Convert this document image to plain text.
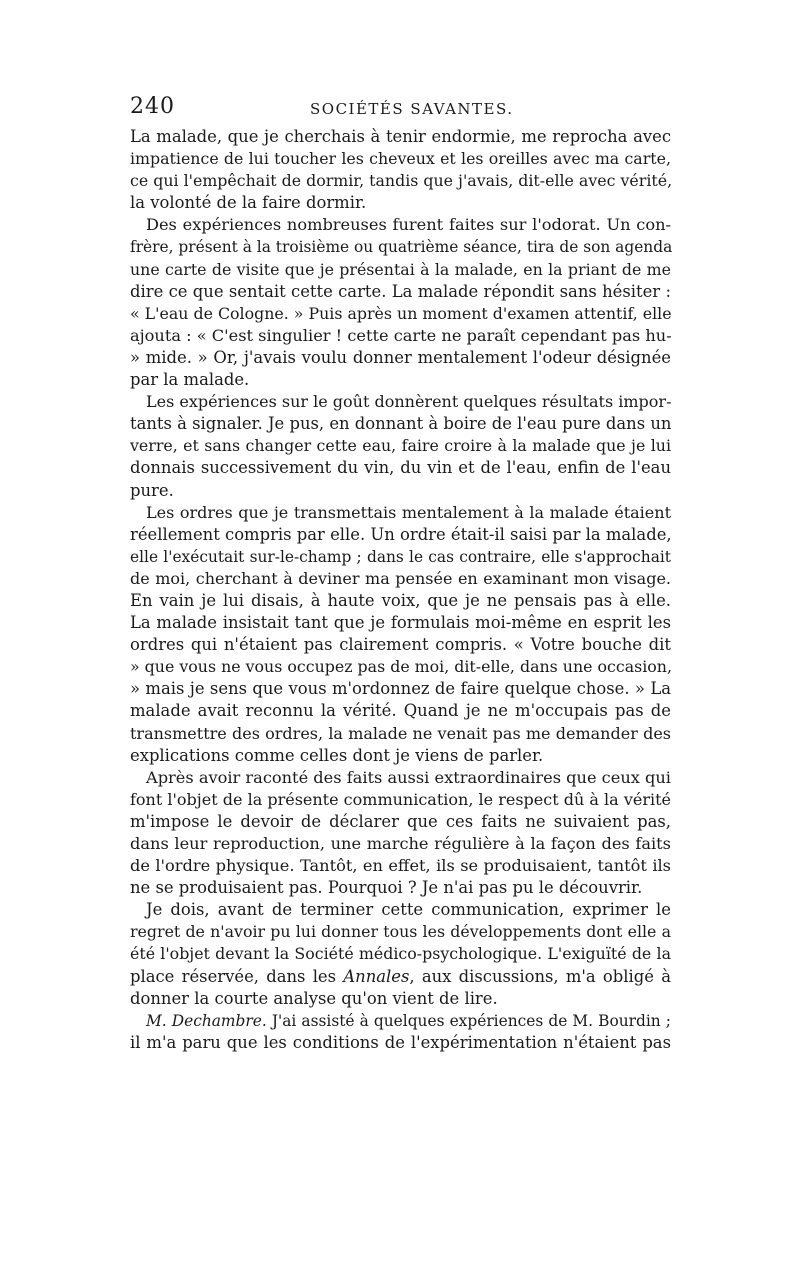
240	SOCIÉTÉS SAVANTES.
La malade, que je cherchais à tenir endormie, me reprocha avec
impatience de lui toucher les cheveux et les oreilles avec ma carte,
ce qui l'empêchait de dormir, tandis que j'avais, dit-elle avec vérité,
la volonté de la faire dormir.
Des expériences nombreuses furent faites sur l'odorat. Un con-
frère, présent à la troisième ou quatrième séance, tira de son agenda
une carte de visite que je présentai à la malade, en la priant de me
dire ce que sentait cette carte. La malade répondit sans hésiter :
« L'eau de Cologne. » Puis après un moment d'examen attentif, elle
ajouta : « C'est singulier ! cette carte ne paraît cependant pas hu-
» mide. » Or, j'avais voulu donner mentalement l'odeur désignée
par la malade.
Les expériences sur le goût donnèrent quelques résultats impor-
tants à signaler. Je pus, en donnant à boire de l'eau pure dans un
verre, et sans changer cette eau, faire croire à la malade que je lui
donnais successivement du vin, du vin et de l'eau, enfin de l'eau
pure.
Les ordres que je transmettais mentalement à la malade étaient
réellement compris par elle. Un ordre était-il saisi par la malade,
elle l'exécutait sur-le-champ ; dans le cas contraire, elle s'approchait
de moi, cherchant à deviner ma pensée en examinant mon visage.
En vain je lui disais, à haute voix, que je ne pensais pas à elle.
La malade insistait tant que je formulais moi-même en esprit les
ordres qui n'étaient pas clairement compris. « Votre bouche dit
» que vous ne vous occupez pas de moi, dit-elle, dans une occasion,
» mais je sens que vous m'ordonnez de faire quelque chose. » La
malade avait reconnu la vérité. Quand je ne m'occupais pas de
transmettre des ordres, la malade ne venait pas me demander des
explications comme celles dont je viens de parler.
Après avoir raconté des faits aussi extraordinaires que ceux qui
font l'objet de la présente communication, le respect dû à la vérité
m'impose le devoir de déclarer que ces faits ne suivaient pas,
dans leur reproduction, une marche régulière à la façon des faits
de l'ordre physique. Tantôt, en effet, ils se produisaient, tantôt ils
ne se produisaient pas. Pourquoi ? Je n'ai pas pu le découvrir.
Je dois, avant de terminer cette communication, exprimer le
regret de n'avoir pu lui donner tous les développements dont elle a
été l'objet devant la Société médico-psychologique. L'exiguïté de la
place réservée, dans les Annales, aux discussions, m'a obligé à
donner la courte analyse qu'on vient de lire.
M. Dechambre. J'ai assisté à quelques expériences de M. Bourdin ;
il m'a paru que les conditions de l'expérimentation n'étaient pas
